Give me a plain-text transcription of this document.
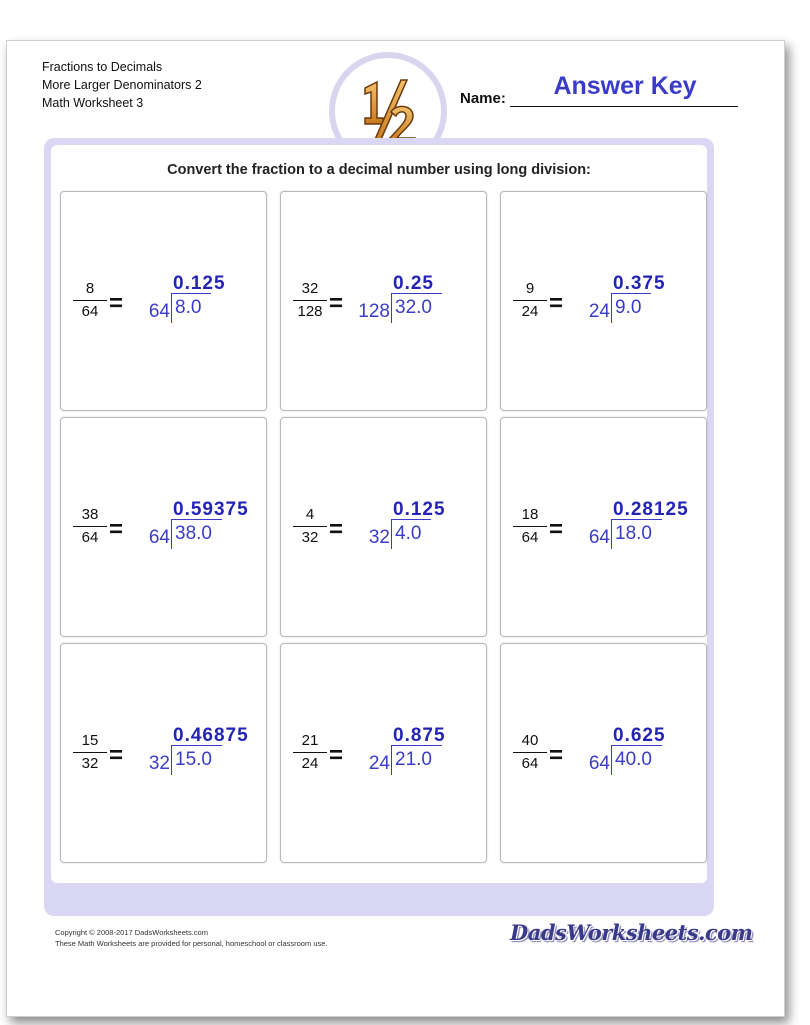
Fractions to Decimals
More Larger Denominators 2
Math Worksheet 3	Name:	Answer Key
Convert the fraction to a decimal number using long division:
8
64 = 64 8.0
0.125	32
128 = 128 32.0
0.25	9
24 = 24 9.0
0.375
38
64 = 64 38.0
0.59375	4
32 = 32 4.0
0.125	18
64 = 64 18.0
0.28125
15
32 = 32 15.0
0.46875	21
24 = 24 21.0
0.875	40
64 = 64 40.0
0.625
Copyright © 2008-2017 DadsWorksheets.com
These Math Worksheets are provided for personal, homeschool or classroom use.	DadsWorksheets.com
